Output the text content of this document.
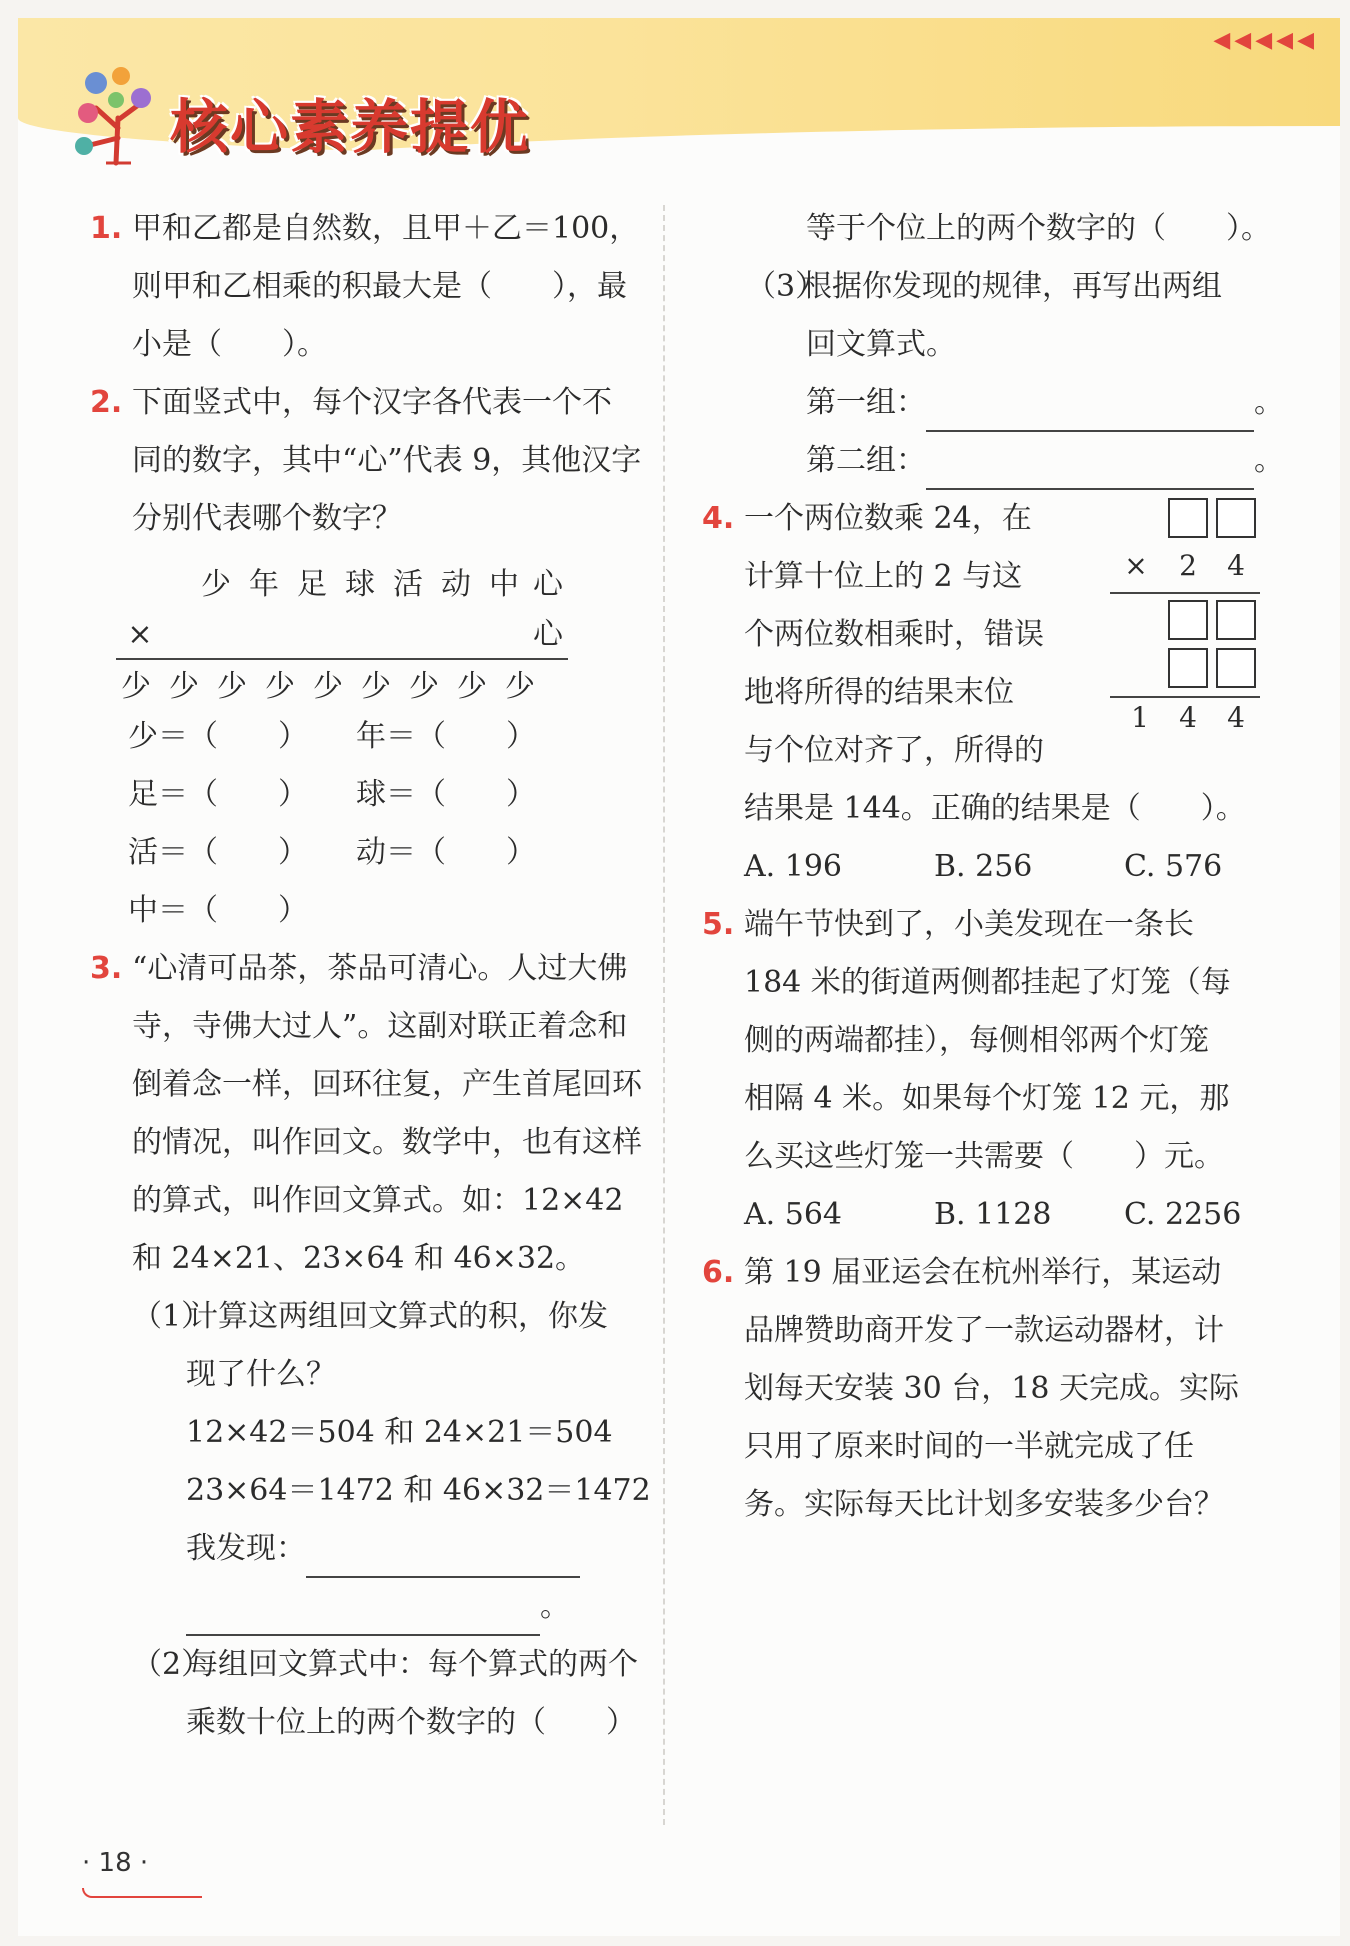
◀◀◀◀◀
核心素养提优
1. 甲和乙都是自然数，且甲＋乙＝100，
则甲和乙相乘的积最大是（　　），最
小是（　　）。
2. 下面竖式中，每个汉字各代表一个不
同的数字，其中“心”代表 9，其他汉字
分别代表哪个数字？
少 年 足 球 活 动 中 心
×	心
少 少 少 少 少 少 少 少 少
少＝（　　） 年＝（　　）
足＝（　　） 球＝（　　）
活＝（　　） 动＝（　　）
中＝（　　）
3. “心清可品茶，茶品可清心。人过大佛
寺，寺佛大过人”。这副对联正着念和
倒着念一样，回环往复，产生首尾回环
的情况，叫作回文。数学中，也有这样
的算式，叫作回文算式。如：12×42
和 24×21、23×64 和 46×32。
（1）计算这两组回文算式的积，你发
现了什么？
12×42＝504 和 24×21＝504
23×64＝1472 和 46×32＝1472
我发现：
。
（2）每组回文算式中：每个算式的两个
乘数十位上的两个数字的（　　）
等于个位上的两个数字的（　　）。
（3）根据你发现的规律，再写出两组
回文算式。
第一组：	。
第二组：	。
4. 一个两位数乘 24，在
计算十位上的 2 与这
个两位数相乘时，错误
地将所得的结果末位
与个位对齐了，所得的
结果是 144。正确的结果是（　　）。
A. 196	B. 256	C. 576
×	2	4
1	4	4
5. 端午节快到了，小美发现在一条长
184 米的街道两侧都挂起了灯笼（每
侧的两端都挂），每侧相邻两个灯笼
相隔 4 米。如果每个灯笼 12 元，那
么买这些灯笼一共需要（　　）元。
A. 564	B. 1128 C. 2256
6. 第 19 届亚运会在杭州举行，某运动
品牌赞助商开发了一款运动器材，计
划每天安装 30 台，18 天完成。实际
只用了原来时间的一半就完成了任
务。实际每天比计划多安装多少台？
· 18 ·
